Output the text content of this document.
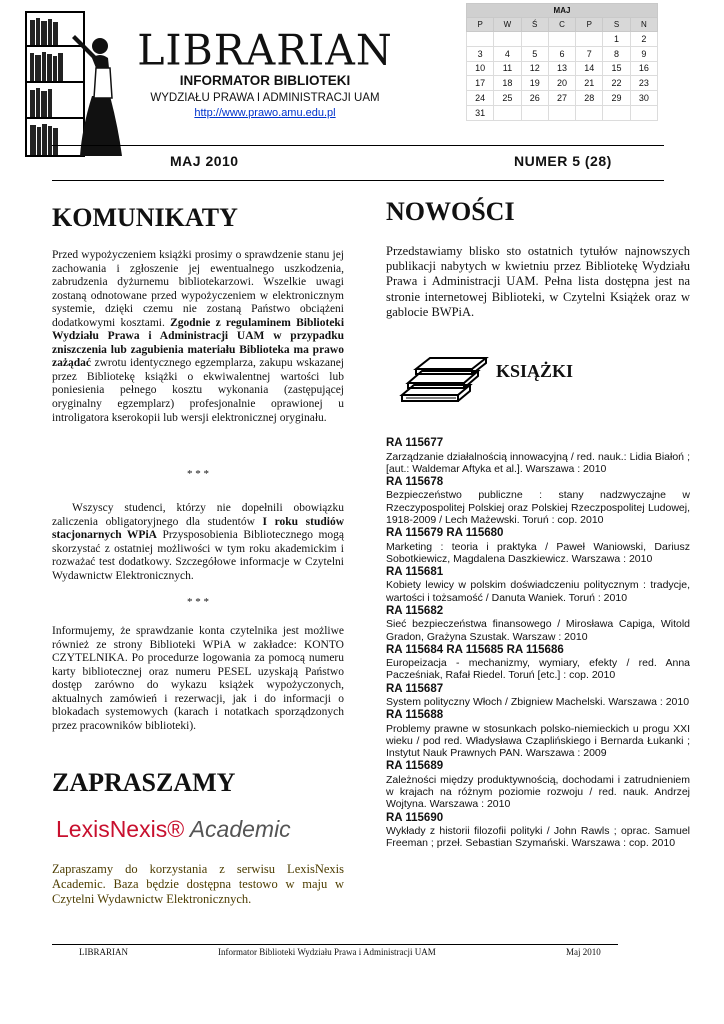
LIBRARIAN
INFORMATOR BIBLIOTEKI
WYDZIAŁU PRAWA I ADMINISTRACJI UAM
http://www.prawo.amu.edu.pl
MAJ						
P	W	Ś	C	P	S	N
					1	2
3	4	5	6	7	8	9
10	11	12	13	14	15	16
17	18	19	20	21	22	23
24	25	26	27	28	29	30
31						
MAJ 2010	NUMER 5 (28)
KOMUNIKATY
Przed wypożyczeniem książki prosimy o sprawdzenie stanu jej zachowania i zgłoszenie jej ewentualnego uszkodzenia, zabrudzenia dyżurnemu bibliotekarzowi. Wszelkie uwagi zostaną odnotowane przed wypożyczeniem w elektronicznym systemie, dzięki czemu nie zostaną Państwo obciążeni dodatkowymi kosztami. Zgodnie z regulaminem Biblioteki Wydziału Prawa i Administracji UAM w przypadku zniszczenia lub zagubienia materiału Biblioteka ma prawo zażądać zwrotu identycznego egzemplarza, zakupu wskazanej przez Bibliotekę książki o ekwiwalentnej wartości lub poniesienia pełnego kosztu wykonania (zastępującej oryginalny egzemplarz) profesjonalnie oprawionej u introligatora kserokopii lub wersji elektronicznej oryginału.
* * *
Wszyscy studenci, którzy nie dopełnili obowiązku zaliczenia obligatoryjnego dla studentów I roku studiów stacjonarnych WPiA Przysposobienia Bibliotecznego mogą skorzystać z ostatniej możliwości w tym roku akademickim i rozważać test dodatkowy. Szczegółowe informacje w Czytelni Wydawnictw Elektronicznych.
* * *
Informujemy, że sprawdzanie konta czytelnika jest możliwe również ze strony Biblioteki WPiA w zakładce: KONTO CZYTELNIKA. Po procedurze logowania za pomocą numeru karty bibliotecznej oraz numeru PESEL uzyskają Państwo dostęp zarówno do wykazu książek wypożyczonych, aktualnych zamówień i rezerwacji, jak i do informacji o blokadach systemowych (karach i notatkach sporządzonych przez pracowników biblioteki).
ZAPRASZAMY
LexisNexis® Academic
Zapraszamy do korzystania z serwisu LexisNexis Academic. Baza będzie dostępna testowo w maju w Czytelni Wydawnictw Elektronicznych.
NOWOŚCI
Przedstawiamy blisko sto ostatnich tytułów najnowszych publikacji nabytych w kwietniu przez Bibliotekę Wydziału Prawa i Administracji UAM. Pełna lista dostępna jest na stronie internetowej Biblioteki, w Czytelni Książek oraz w gablocie BWPiA.
KSIĄŻKI
RA 115677
Zarządzanie działalnością innowacyjną / red. nauk.: Lidia Białoń ; [aut.: Waldemar Aftyka et al.]. Warszawa : 2010
RA 115678
Bezpieczeństwo publiczne : stany nadzwyczajne w Rzeczypospolitej Polskiej oraz Polskiej Rzeczpospolitej Ludowej, 1918-2009 / Lech Mażewski. Toruń : cop. 2010
RA 115679 RA 115680
Marketing : teoria i praktyka / Paweł Waniowski, Dariusz Sobotkiewicz, Magdalena Daszkiewicz. Warszawa : 2010
RA 115681
Kobiety lewicy w polskim doświadczeniu politycznym : tradycje, wartości i tożsamość / Danuta Waniek. Toruń : 2010
RA 115682
Sieć bezpieczeństwa finansowego / Mirosława Capiga, Witold Gradon, Grażyna Szustak. Warszaw : 2010
RA 115684 RA 115685 RA 115686
Europeizacja - mechanizmy, wymiary, efekty / red. Anna Pacześniak, Rafał Riedel. Toruń [etc.] : cop. 2010
RA 115687
System polityczny Włoch / Zbigniew Machelski. Warszawa : 2010
RA 115688
Problemy prawne w stosunkach polsko-niemieckich u progu XXI wieku / pod red. Władysława Czaplińskiego i Bernarda Łukanki ; Instytut Nauk Prawnych PAN. Warszawa : 2009
RA 115689
Zależności między produktywnością, dochodami i zatrudnieniem w krajach na różnym poziomie rozwoju / red. nauk. Andrzej Wojtyna. Warszawa : 2010
RA 115690
Wykłady z historii filozofii polityki / John Rawls ; oprac. Samuel Freeman ; przeł. Sebastian Szymański. Warszawa : cop. 2010
LIBRARIAN	Informator Biblioteki Wydziału Prawa i Administracji UAM	Maj 2010
